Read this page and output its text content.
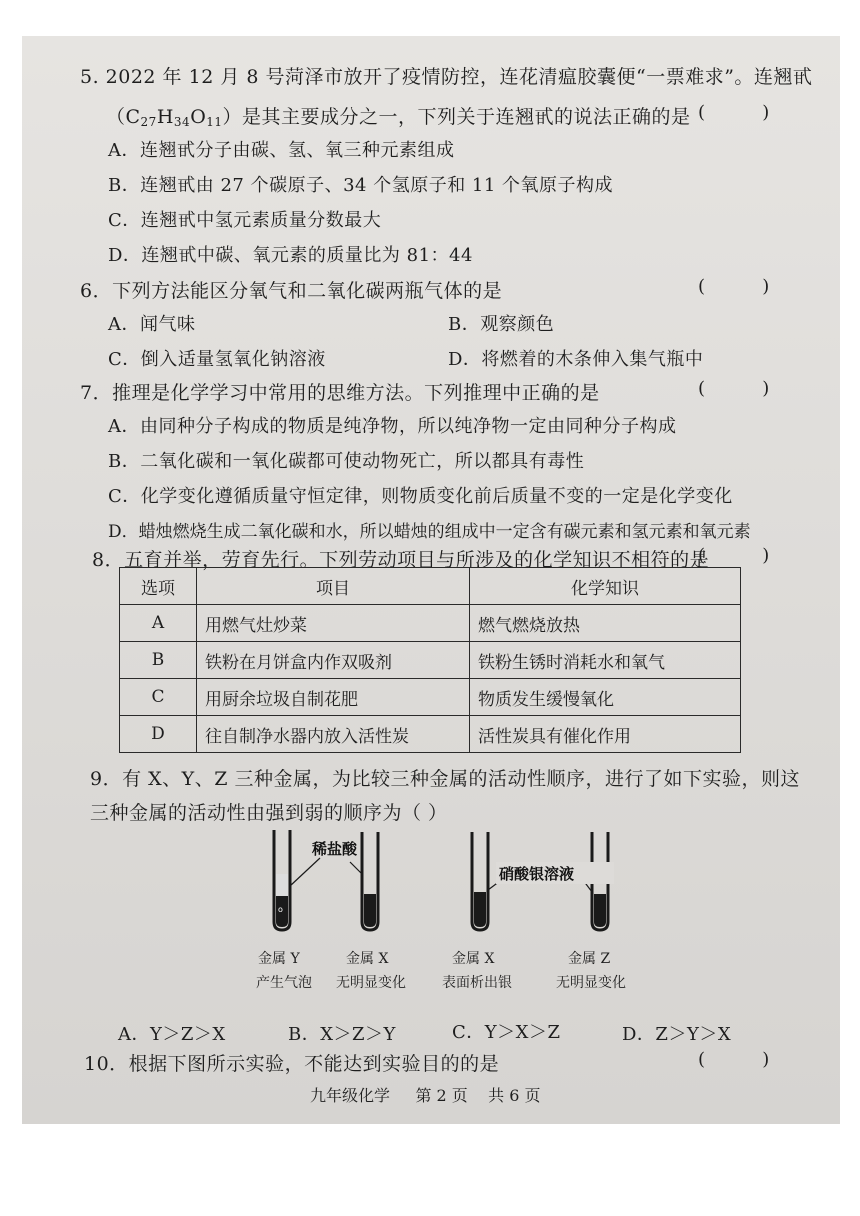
5. 2022 年 12 月 8 号菏泽市放开了疫情防控，连花清瘟胶囊便“一票难求”。连翘甙
$(C_{27}H_{34}O_{11})$是其主要成分之一，下列关于连翘甙的说法正确的是 (          )
A．连翘甙分子由碳、氢、氧三种元素组成
B．连翘甙由 27 个碳原子、34 个氢原子和 11 个氧原子构成
C．连翘甙中氢元素质量分数最大
D．连翘甙中碳、氧元素的质量比为 81：44
6．下列方法能区分氧气和二氧化碳两瓶气体的是	(          )
A．闻气味	B．观察颜色
C．倒入适量氢氧化钠溶液	D．将燃着的木条伸入集气瓶中
7．推理是化学学习中常用的思维方法。下列推理中正确的是	(          )
A．由同种分子构成的物质是纯净物，所以纯净物一定由同种分子构成
B．二氧化碳和一氧化碳都可使动物死亡，所以都具有毒性
C．化学变化遵循质量守恒定律，则物质变化前后质量不变的一定是化学变化
D．蜡烛燃烧生成二氧化碳和水，所以蜡烛的组成中一定含有碳元素和氢元素和氧元素
8．五育并举，劳育先行。下列劳动项目与所涉及的化学知识不相符的是
(          )
选项	项目	化学知识
A	用燃气灶炒菜	燃气燃烧放热
B	铁粉在月饼盒内作双吸剂	铁粉生锈时消耗水和氧气
C	用厨余垃圾自制花肥	物质发生缓慢氧化
D	往自制净水器内放入活性炭	活性炭具有催化作用
9．有 X、Y、Z 三种金属，为比较三种金属的活动性顺序，进行了如下实验，则这
三种金属的活动性由强到弱的顺序为（ ）
o
稀盐酸
硝酸银溶液
金属 Y
产生气泡
金属 X
无明显变化
金属 X
表面析出银
金属 Z
无明显变化
A．Y＞Z＞X	B．X＞Z＞Y	C．Y＞X＞Z	D．Z＞Y＞X
10．根据下图所示实验，不能达到实验目的的是	(          )
九年级化学 第 2 页 共 6 页
